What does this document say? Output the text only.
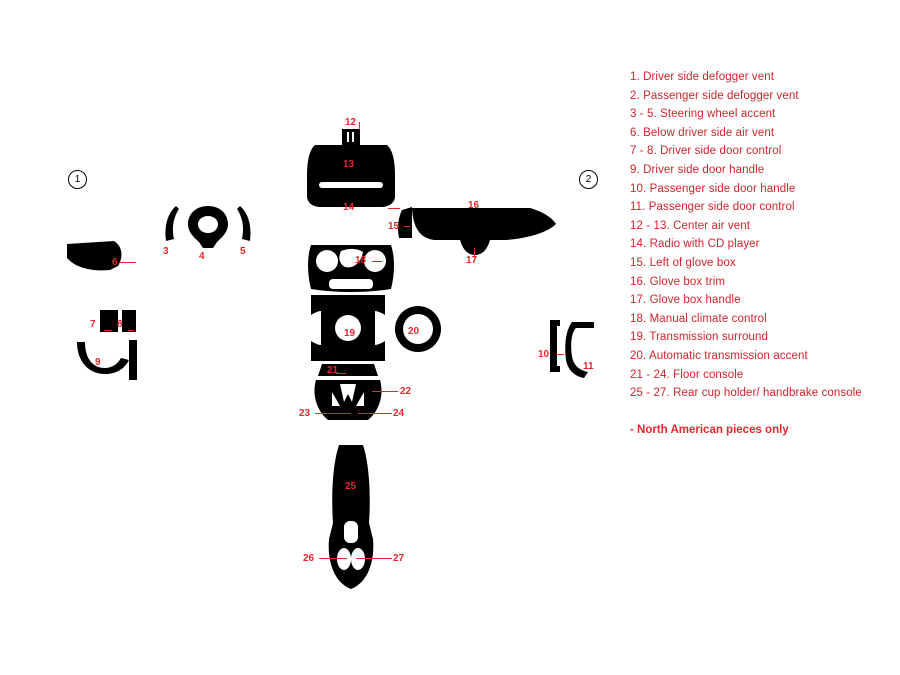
1	2
3	4	5
6
7 8
9
10
11
12
13
14
15
16
17
18
19	20
21
22
23	24
25
26	27
1. Driver side defogger vent
2. Passenger side defogger vent
3 - 5. Steering wheel accent
6. Below driver side air vent
7 - 8. Driver side door control
9. Driver side door handle
10. Passenger side door handle
11. Passenger side door control
12 - 13. Center air vent
14. Radio with CD player
15. Left of glove box
16. Glove box trim
17. Glove box handle
18. Manual climate control
19. Transmission surround
20. Automatic transmission accent
21 - 24. Floor console
25 - 27. Rear cup holder/ handbrake console
- North American pieces only
